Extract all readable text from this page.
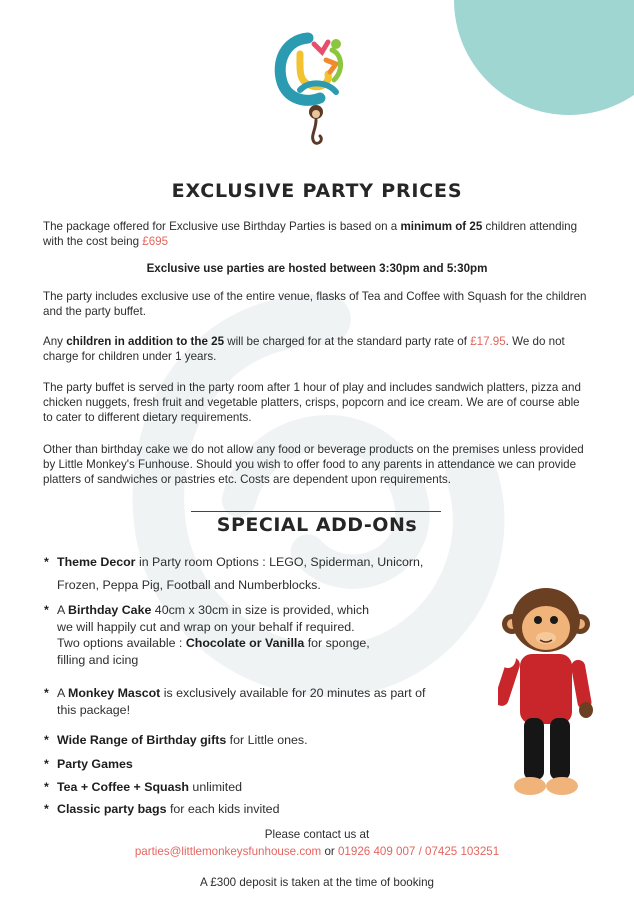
EXCLUSIVE PARTY PRICES

The package offered for Exclusive use Birthday Parties is based on a minimum of 25 children attending with the cost being £695

Exclusive use parties are hosted between 3:30pm and 5:30pm

The party includes exclusive use of the entire venue, flasks of Tea and Coffee with Squash for the children and the party buffet.

Any children in addition to the 25 will be charged for at the standard party rate of £17.95. We do not charge for children under 1 years.

The party buffet is served in the party room after 1 hour of play and includes sandwich platters, pizza and chicken nuggets, fresh fruit and vegetable platters, crisps, popcorn and ice cream. We are of course able to cater to different dietary requirements.

Other than birthday cake we do not allow any food or beverage products on the premises unless provided by Little Monkey's Funhouse. Should you wish to offer food to any parents in attendance we can provide platters of sandwiches or pastries etc. Costs are dependent upon requirements.

SPECIAL ADD-ONs
* Theme Decor in Party room Options : LEGO, Spiderman, Unicorn,
Frozen, Peppa Pig, Football and Numberblocks.
* A Birthday Cake 40cm x 30cm in size is provided, which
we will happily cut and wrap on your behalf if required.
Two options available : Chocolate or Vanilla for sponge,
filling and icing
* A Monkey Mascot is exclusively available for 20 minutes as part of
this package!
* Wide Range of Birthday gifts for Little ones.
* Party Games
* Tea + Coffee + Squash unlimited
* Classic party bags for each kids invited

Please contact us at

parties@littlemonkeysfunhouse.com or 01926 409 007 / 07425 103251

A £300 deposit is taken at the time of booking
